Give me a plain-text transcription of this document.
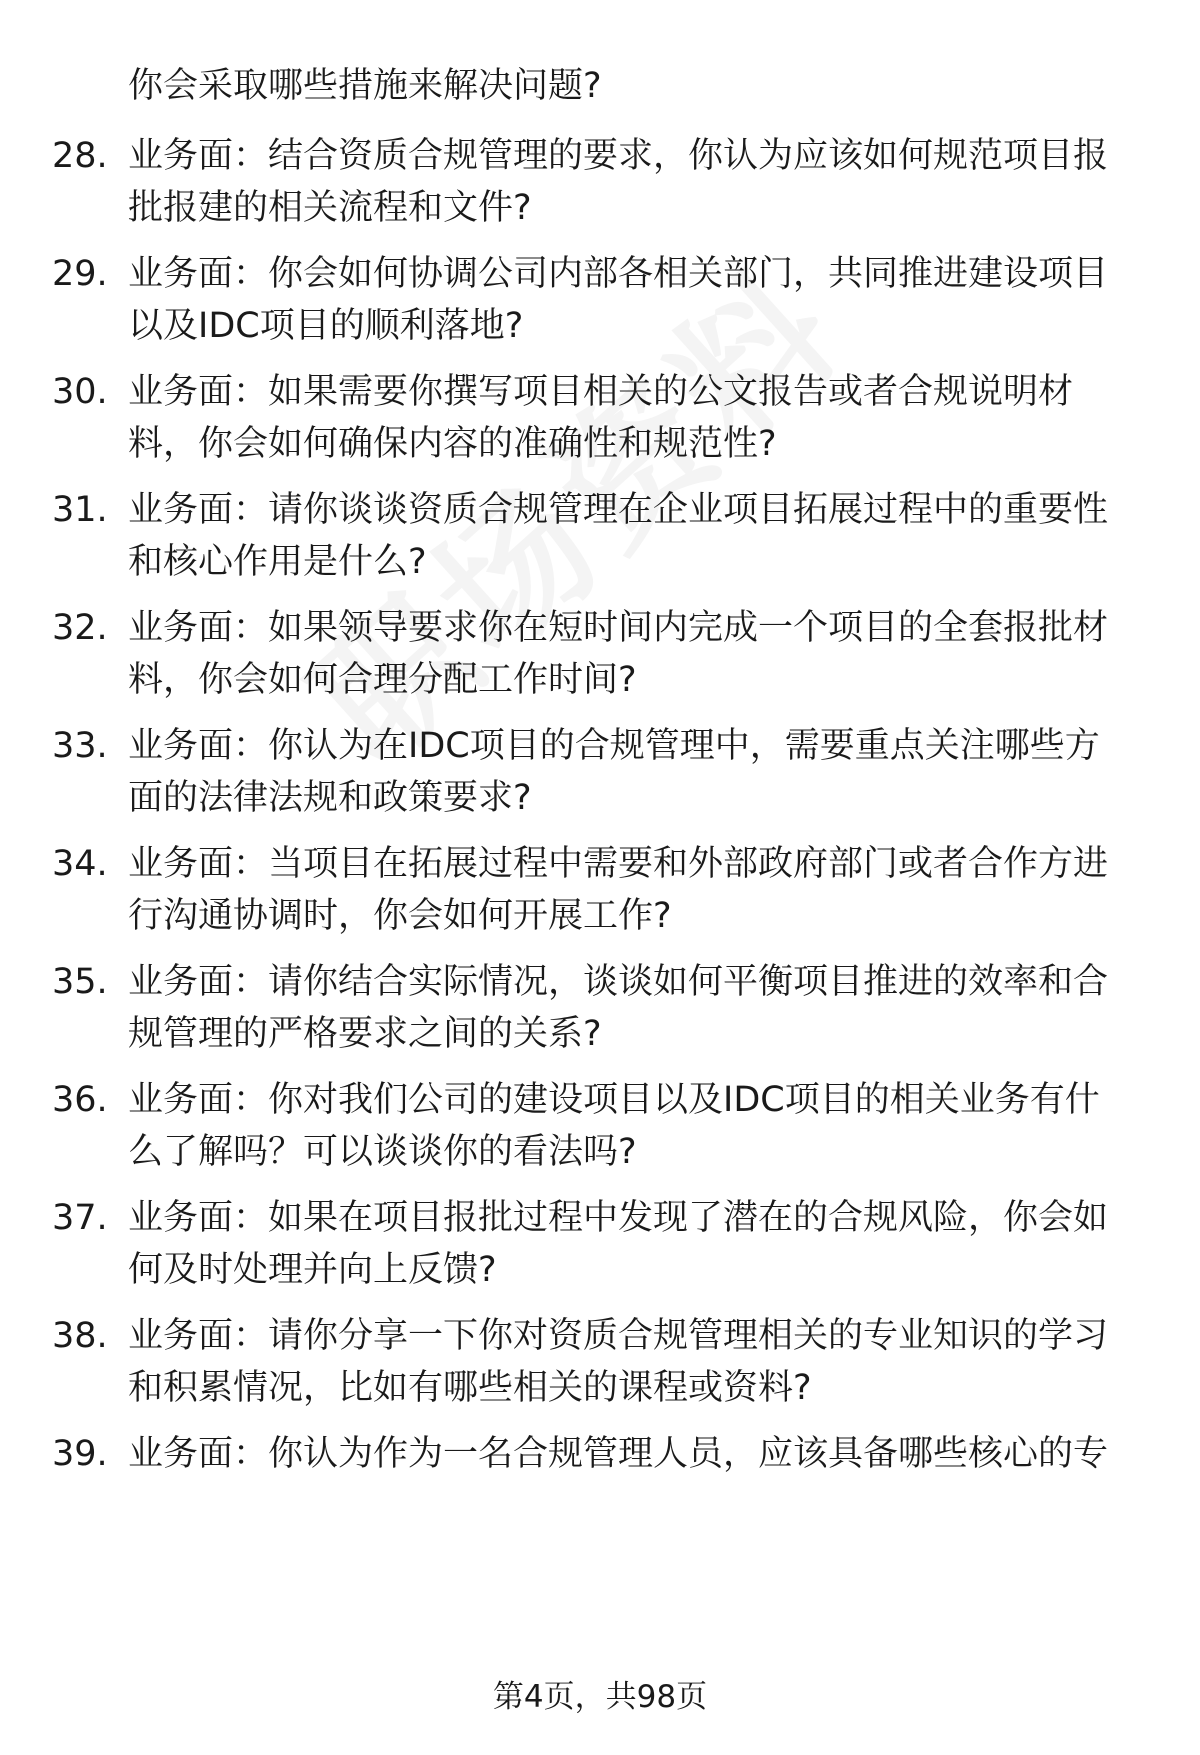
你会采取哪些措施来解决问题?
28. 业务面：结合资质合规管理的要求，你认为应该如何规范项目报
批报建的相关流程和文件?
29. 业务面：你会如何协调公司内部各相关部门，共同推进建设项目
以及IDC项目的顺利落地?
30. 业务面：如果需要你撰写项目相关的公文报告或者合规说明材
料，你会如何确保内容的准确性和规范性?
31. 业务面：请你谈谈资质合规管理在企业项目拓展过程中的重要性
和核心作用是什么?
32. 业务面：如果领导要求你在短时间内完成一个项目的全套报批材
料，你会如何合理分配工作时间?
33. 业务面：你认为在IDC项目的合规管理中，需要重点关注哪些方
面的法律法规和政策要求?
34. 业务面：当项目在拓展过程中需要和外部政府部门或者合作方进
行沟通协调时，你会如何开展工作?
35. 业务面：请你结合实际情况，谈谈如何平衡项目推进的效率和合
规管理的严格要求之间的关系?
36. 业务面：你对我们公司的建设项目以及IDC项目的相关业务有什
么了解吗？可以谈谈你的看法吗?
37. 业务面：如果在项目报批过程中发现了潜在的合规风险，你会如
何及时处理并向上反馈?
38. 业务面：请你分享一下你对资质合规管理相关的专业知识的学习
和积累情况，比如有哪些相关的课程或资料?
39. 业务面：你认为作为一名合规管理人员，应该具备哪些核心的专
第4页，共98页
